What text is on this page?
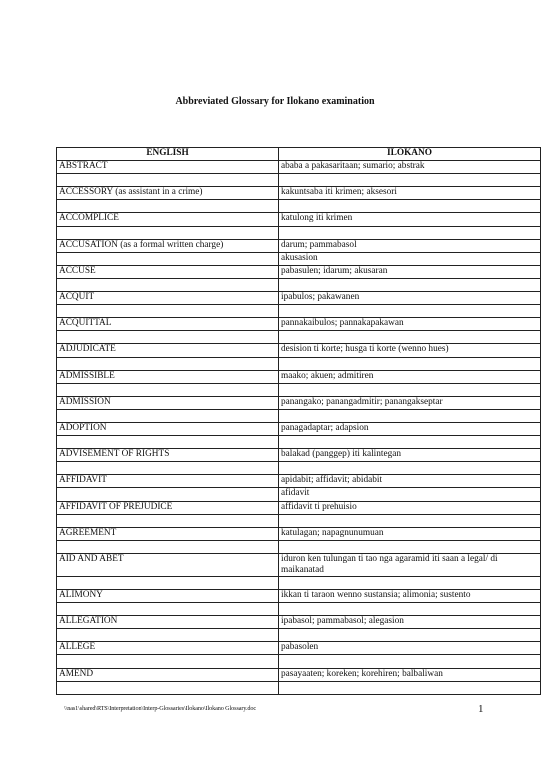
Abbreviated Glossary for Ilokano examination
ENGLISH	ILOKANO
ABSTRACT	ababa a pakasaritaan; sumario; abstrak

ACCESSORY (as assistant in a crime)	kakuntsaba iti krimen; aksesori

ACCOMPLICE	katulong iti krimen

ACCUSATION (as a formal written charge)	darum; pammabasol
	akusasion
ACCUSE	pabasulen; idarum; akusaran

ACQUIT	ipabulos; pakawanen

ACQUITTAL	pannakaibulos; pannakapakawan

ADJUDICATE	desision ti korte; husga ti korte (wenno hues)

ADMISSIBLE	maako; akuen; admitiren

ADMISSION	panangako; panangadmitir; panangakseptar

ADOPTION	panagadaptar; adapsion

ADVISEMENT OF RIGHTS	balakad (panggep) iti kalintegan

AFFIDAVIT	apidabit; affidavit; abidabit
	afidavit
AFFIDAVIT OF PREJUDICE	affidavit ti prehuisio

AGREEMENT	katulagan; napagnunumuan

AID AND ABET	iduron ken tulungan ti tao nga agaramid iti saan a legal/ di maikanatad

ALIMONY	ikkan ti taraon wenno sustansia; alimonia; sustento

ALLEGATION	ipabasol; pammabasol; alegasion

ALLEGE	pabasolen

AMEND	pasayaaten; koreken; korehiren; balbaliwan

\\nas1\shared\RTS\Interpretation\Interp-Glossaries\Ilokano\Ilokano Glossary.doc	1
